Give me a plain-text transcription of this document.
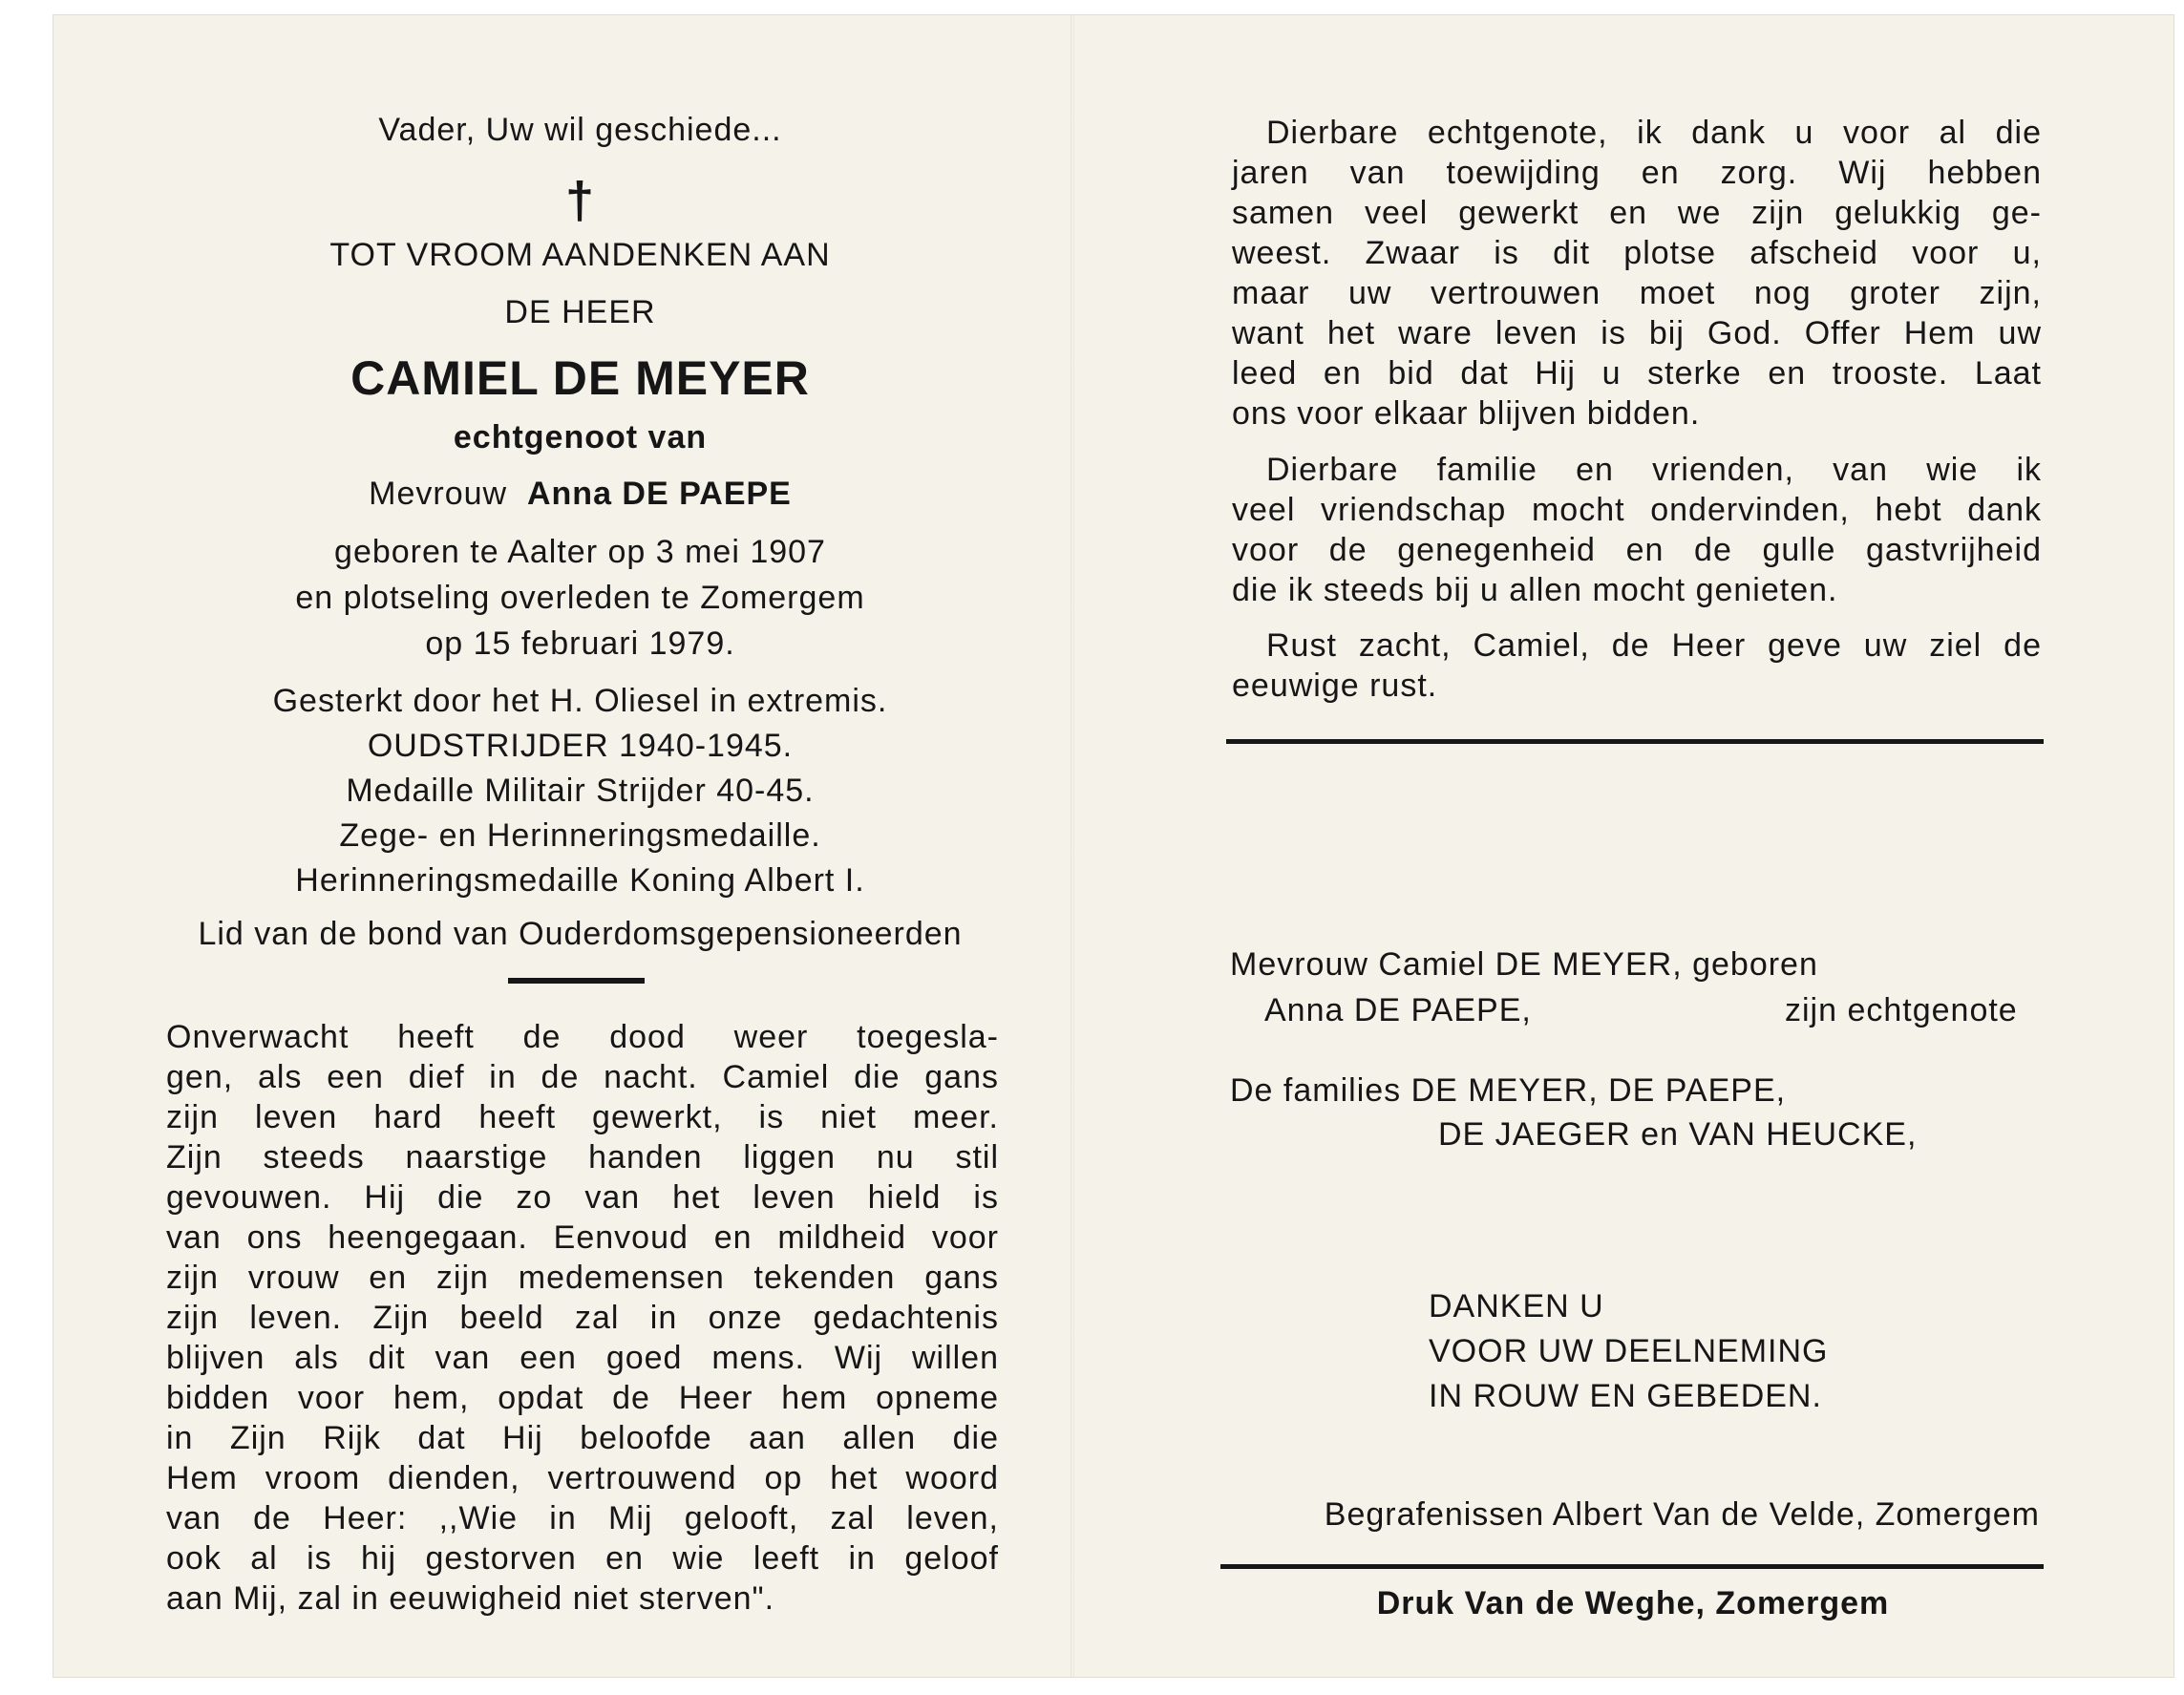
Vader, Uw wil geschiede...
†
TOT VROOM AANDENKEN AAN
DE HEER
CAMIEL DE MEYER
echtgenoot van
Mevrouw Anna DE PAEPE
geboren te Aalter op 3 mei 1907
en plotseling overleden te Zomergem
op 15 februari 1979.
Gesterkt door het H. Oliesel in extremis.
OUDSTRIJDER 1940-1945.
Medaille Militair Strijder 40-45.
Zege- en Herinneringsmedaille.
Herinneringsmedaille Koning Albert I.
Lid van de bond van Ouderdomsgepensioneerden
Onverwacht heeft de dood weer toegesla-
gen, als een dief in de nacht. Camiel die gans
zijn leven hard heeft gewerkt, is niet meer.
Zijn steeds naarstige handen liggen nu stil
gevouwen. Hij die zo van het leven hield is
van ons heengegaan. Eenvoud en mildheid voor
zijn vrouw en zijn medemensen tekenden gans
zijn leven. Zijn beeld zal in onze gedachtenis
blijven als dit van een goed mens. Wij willen
bidden voor hem, opdat de Heer hem opneme
in Zijn Rijk dat Hij beloofde aan allen die
Hem vroom dienden, vertrouwend op het woord
van de Heer: ,,Wie in Mij gelooft, zal leven,
ook al is hij gestorven en wie leeft in geloof
aan Mij, zal in eeuwigheid niet sterven".
Dierbare echtgenote, ik dank u voor al die
jaren van toewijding en zorg. Wij hebben
samen veel gewerkt en we zijn gelukkig ge-
weest. Zwaar is dit plotse afscheid voor u,
maar uw vertrouwen moet nog groter zijn,
want het ware leven is bij God. Offer Hem uw
leed en bid dat Hij u sterke en trooste. Laat
ons voor elkaar blijven bidden.
Dierbare familie en vrienden, van wie ik
veel vriendschap mocht ondervinden, hebt dank
voor de genegenheid en de gulle gastvrijheid
die ik steeds bij u allen mocht genieten.
Rust zacht, Camiel, de Heer geve uw ziel de
eeuwige rust.
Mevrouw Camiel DE MEYER, geboren
Anna DE PAEPE,	zijn echtgenote
De families DE MEYER, DE PAEPE,
DE JAEGER en VAN HEUCKE,
DANKEN U
VOOR UW DEELNEMING
IN ROUW EN GEBEDEN.
Begrafenissen Albert Van de Velde, Zomergem
Druk Van de Weghe, Zomergem
